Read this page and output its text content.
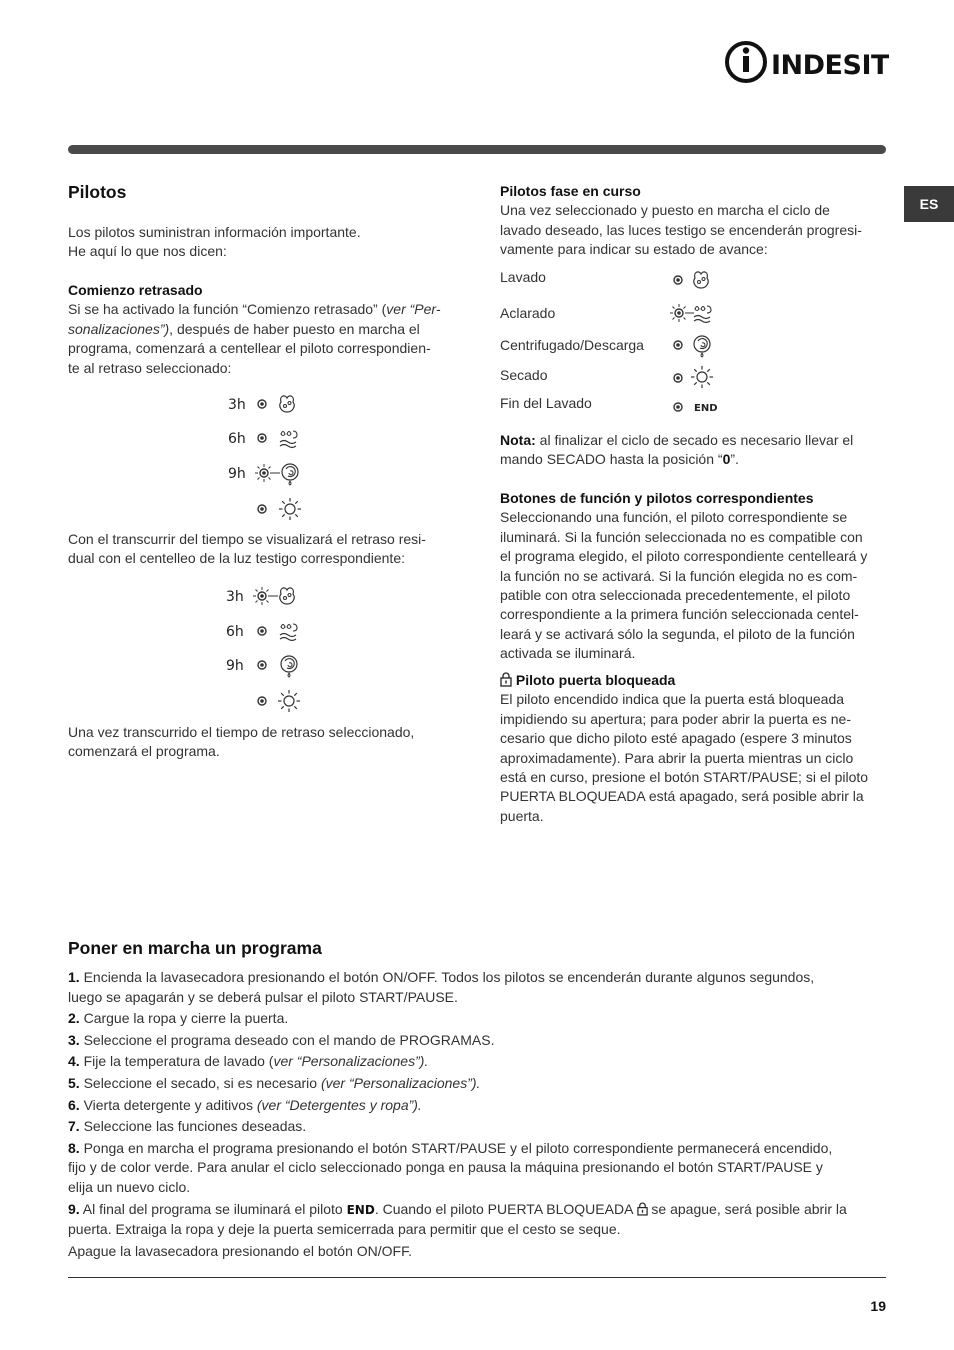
INDESIT
ES
Pilotos

Los pilotos suministran información importante.

He aquí lo que nos dicen:

Comienzo retrasado

Si se ha activado la función “Comienzo retrasado” (ver “Per-

sonalizaciones”), después de haber puesto en marcha el

programa, comenzará a centellear el piloto correspondien-

te al retraso seleccionado:

3h
6h
9h
3h
6h
9h
END

Con el transcurrir del tiempo se visualizará el retraso resi-

dual con el centelleo de la luz testigo correspondiente:

Una vez transcurrido el tiempo de retraso seleccionado,

comenzará el programa.

Pilotos fase en curso

Una vez seleccionado y puesto en marcha el ciclo de

lavado deseado, las luces testigo se encenderán progresi-

vamente para indicar su estado de avance:

Lavado
Aclarado
Centrifugado/Descarga
Secado
Fin del Lavado

Nota: al finalizar el ciclo de secado es necesario llevar el

mando SECADO hasta la posición “0”.

Botones de función y pilotos correspondientes

Seleccionando una función, el piloto correspondiente se

iluminará. Si la función seleccionada no es compatible con

el programa elegido, el piloto correspondiente centelleará y

la función no se activará. Si la función elegida no es com-

patible con otra seleccionada precedentemente, el piloto

correspondiente a la primera función seleccionada centel-

leará y se activará sólo la segunda, el piloto de la función

activada se iluminará.

Piloto puerta bloqueada

El piloto encendido indica que la puerta está bloqueada

impidiendo su apertura; para poder abrir la puerta es ne-

cesario que dicho piloto esté apagado (espere 3 minutos

aproximadamente). Para abrir la puerta mientras un ciclo

está en curso, presione el botón START/PAUSE; si el piloto

PUERTA BLOQUEADA está apagado, será posible abrir la

puerta.

Poner en marcha un programa

1. Encienda la lavasecadora presionando el botón ON/OFF. Todos los pilotos se encenderán durante algunos segundos,
luego se apagarán y se deberá pulsar el piloto START/PAUSE.

2. Cargue la ropa y cierre la puerta.

3. Seleccione el programa deseado con el mando de PROGRAMAS.

4. Fije la temperatura de lavado (ver “Personalizaciones”).

5. Seleccione el secado, si es necesario (ver “Personalizaciones”).

6. Vierta detergente y aditivos (ver “Detergentes y ropa”).

7. Seleccione las funciones deseadas.

8. Ponga en marcha el programa presionando el botón START/PAUSE y el piloto correspondiente permanecerá encendido,
fijo y de color verde. Para anular el ciclo seleccionado ponga en pausa la máquina presionando el botón START/PAUSE y
elija un nuevo ciclo.

9. Al final del programa se iluminará el piloto END. Cuando el piloto PUERTA BLOQUEADA  se apague, será posible abrir la
puerta. Extraiga la ropa y deje la puerta semicerrada para permitir que el cesto se seque.

Apague la lavasecadora presionando el botón ON/OFF.

19
